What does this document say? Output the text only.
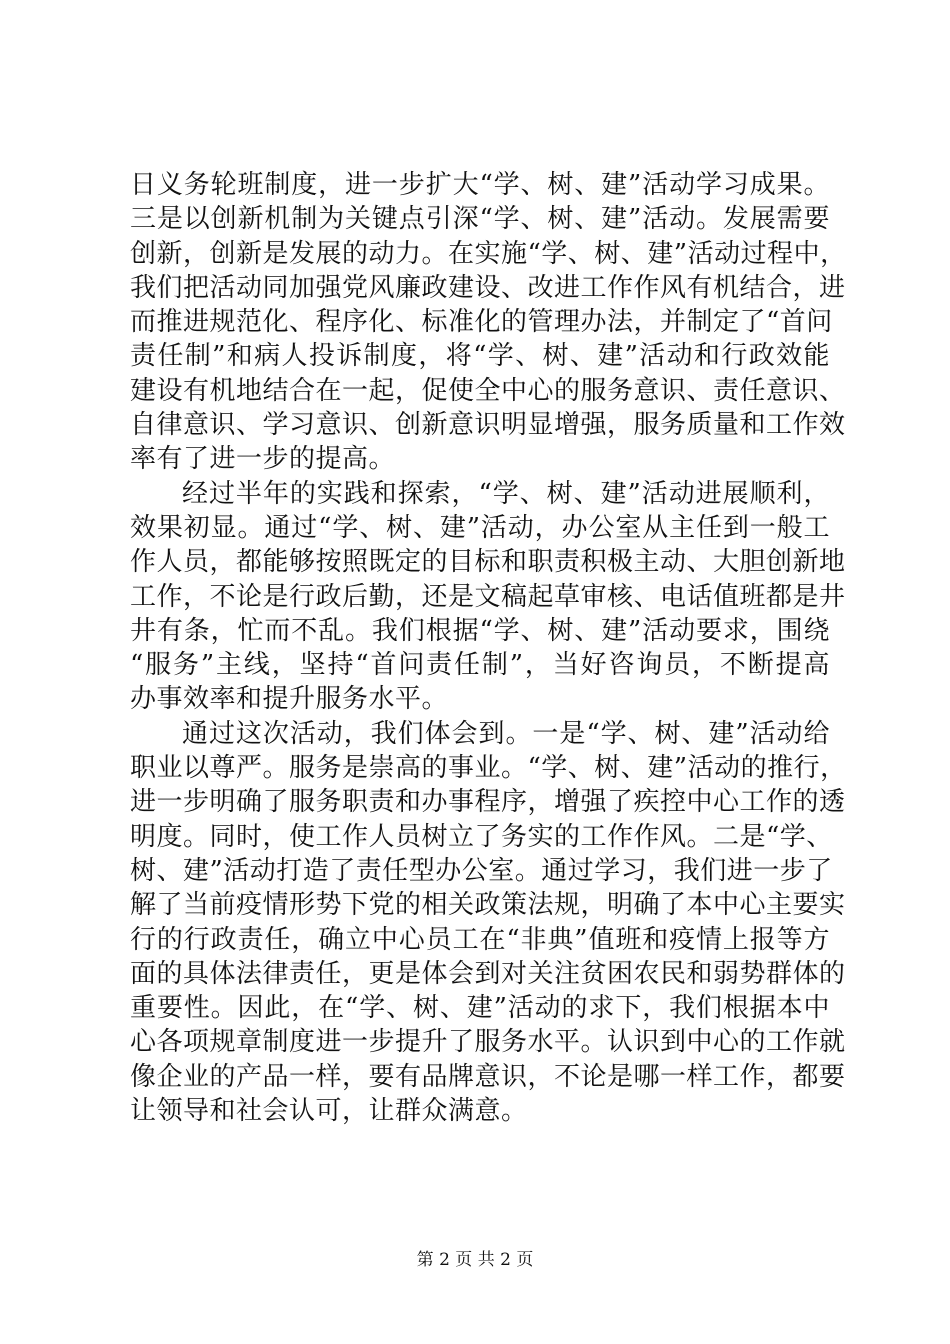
日义务轮班制度，进一步扩大“学、树、建”活动学习成果。
三是以创新机制为关键点引深“学、树、建”活动。发展需要
创新，创新是发展的动力。在实施“学、树、建”活动过程中，
我们把活动同加强党风廉政建设、改进工作作风有机结合，进
而推进规范化、程序化、标准化的管理办法，并制定了“首问
责任制”和病人投诉制度，将“学、树、建”活动和行政效能
建设有机地结合在一起，促使全中心的服务意识、责任意识、
自律意识、学习意识、创新意识明显增强，服务质量和工作效
率有了进一步的提高。
经过半年的实践和探索，“学、树、建”活动进展顺利，
效果初显。通过“学、树、建”活动，办公室从主任到一般工
作人员，都能够按照既定的目标和职责积极主动、大胆创新地
工作，不论是行政后勤，还是文稿起草审核、电话值班都是井
井有条，忙而不乱。我们根据“学、树、建”活动要求，围绕
“服务”主线，坚持“首问责任制”，当好咨询员，不断提高
办事效率和提升服务水平。
通过这次活动，我们体会到。一是“学、树、建”活动给
职业以尊严。服务是崇高的事业。“学、树、建”活动的推行，
进一步明确了服务职责和办事程序，增强了疾控中心工作的透
明度。同时，使工作人员树立了务实的工作作风。二是“学、
树、建”活动打造了责任型办公室。通过学习，我们进一步了
解了当前疫情形势下党的相关政策法规，明确了本中心主要实
行的行政责任，确立中心员工在“非典”值班和疫情上报等方
面的具体法律责任，更是体会到对关注贫困农民和弱势群体的
重要性。因此，在“学、树、建”活动的求下，我们根据本中
心各项规章制度进一步提升了服务水平。认识到中心的工作就
像企业的产品一样，要有品牌意识，不论是哪一样工作，都要
让领导和社会认可，让群众满意。
第 2 页 共 2 页
